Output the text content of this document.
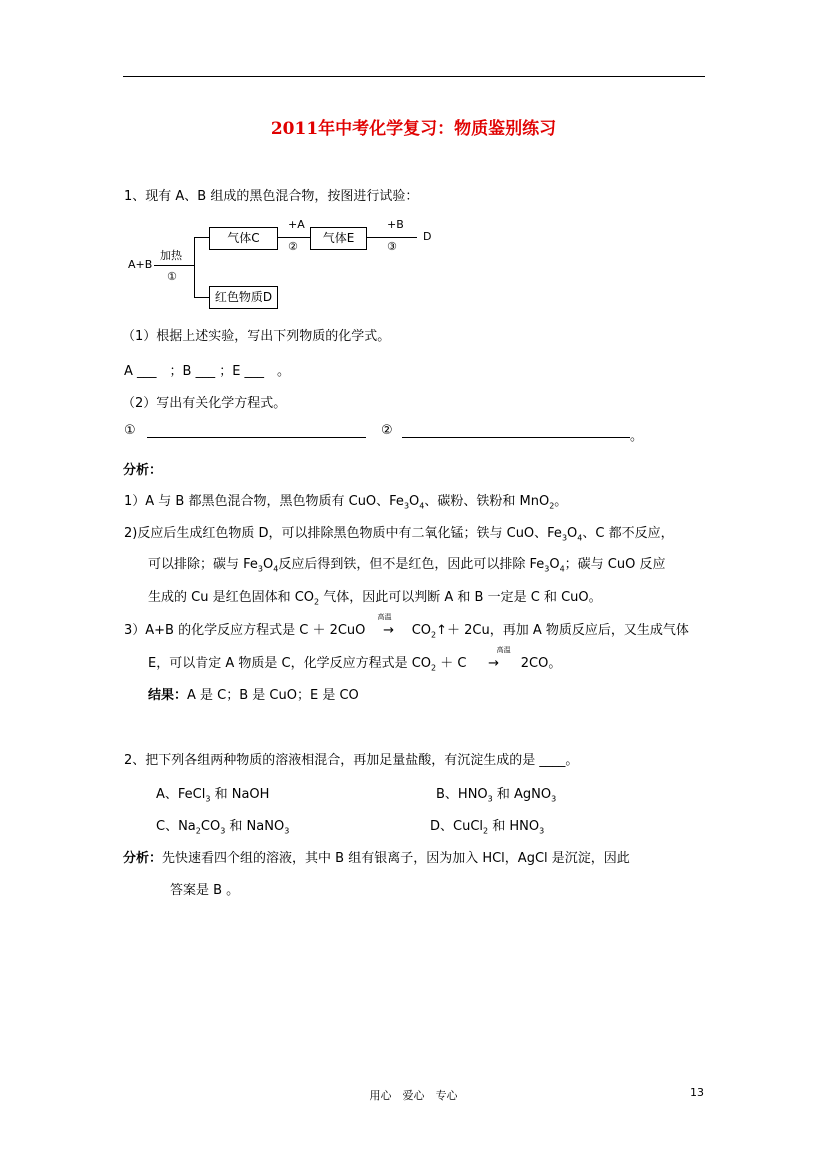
2011年中考化学复习：物质鉴别练习
1、现有 A、B 组成的黑色混合物，按图进行试验：
A+B
加热
①
气体C
+A
②
气体E
+B
③
D
红色物质D
（1）根据上述实验，写出下列物质的化学式。
A ___　；B ___ ；E ___　。
（2）写出有关化学方程式。
①	②	。
分析：
1）A 与 B 都黑色混合物，黑色物质有 CuO、$Fe_3O_4$、碳粉、铁粉和 MnO$_2$。
2)反应后生成红色物质 D，可以排除黑色物质中有二氧化锰；铁与 CuO、$Fe_3O_4$、C 都不反应，
可以排除；碳与 $Fe_3O_4$反应后得到铁，但不是红色，因此可以排除 $Fe_3O_4$；碳与 CuO 反应
生成的 Cu 是红色固体和 $CO_2$ 气体，因此可以判断 A 和 B 一定是 C 和 CuO。
3）A+B 的化学反应方程式是 C ＋ 2CuO
高温
→ $CO_2↑+ 2Cu$，再加 A 物质反应后，又生成气体
E，可以肯定 A 物质是 C，化学反应方程式是 $CO_2 + C$
高温
→ 2CO。
结果：A 是 C；B 是 CuO；E 是 CO
2、把下列各组两种物质的溶液相混合，再加足量盐酸，有沉淀生成的是 ____。
A、FeCl$_3$ 和 NaOH	B、$HNO_3$ 和 AgNO$_3$
C、$Na_2CO_3$ 和 NaNO$_3$	D、CuCl$_2$ 和 $HNO_3$
分析：先快速看四个组的溶液，其中 B 组有银离子，因为加入 HCl，AgCl 是沉淀，因此
答案是 B 。
用心　爱心　专心	13
